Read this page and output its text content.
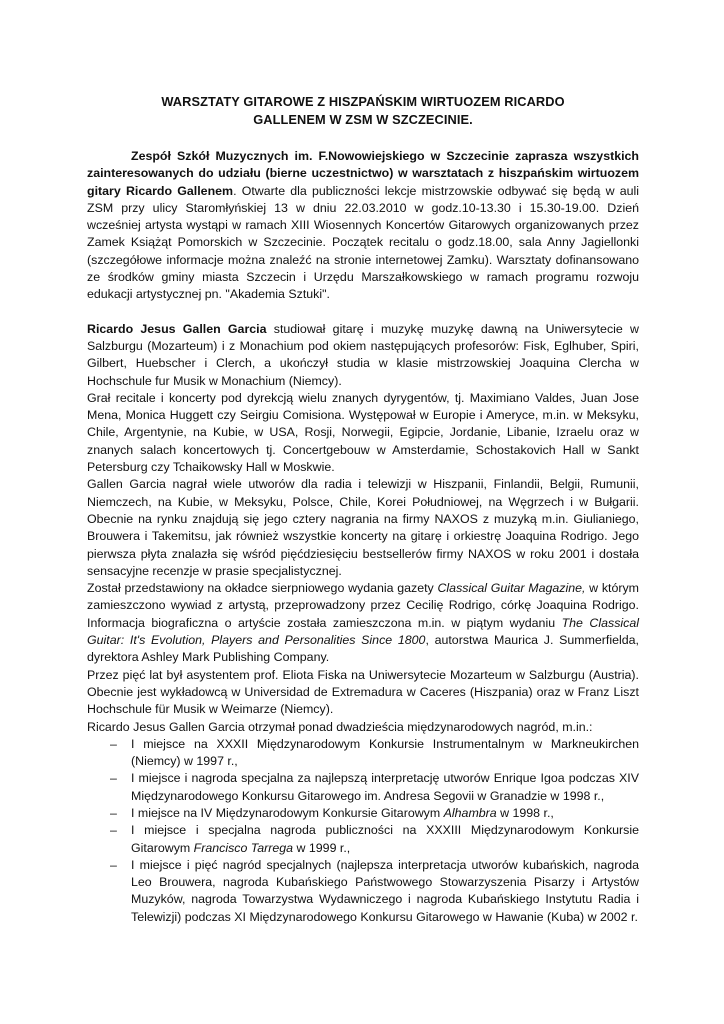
WARSZTATY GITAROWE Z HISZPAŃSKIM WIRTUOZEM RICARDO GALLENEM W ZSM W SZCZECINIE.

Zespół Szkół Muzycznych im. F.Nowowiejskiego w Szczecinie zaprasza wszystkich zainteresowanych do udziału (bierne uczestnictwo) w warsztatach z hiszpańskim wirtuozem gitary Ricardo Gallenem. Otwarte dla publiczności lekcje mistrzowskie odbywać się będą w auli ZSM przy ulicy Staromłyńskiej 13 w dniu 22.03.2010 w godz.10-13.30 i 15.30-19.00. Dzień wcześniej artysta wystąpi w ramach XIII Wiosennych Koncertów Gitarowych organizowanych przez Zamek Książąt Pomorskich w Szczecinie. Początek recitalu o godz.18.00, sala Anny Jagiellonki (szczegółowe informacje można znaleźć na stronie internetowej Zamku). Warsztaty dofinansowano ze środków gminy miasta Szczecin i Urzędu Marszałkowskiego w ramach programu rozwoju edukacji artystycznej pn. "Akademia Sztuki".

Ricardo Jesus Gallen Garcia studiował gitarę i muzykę muzykę dawną na Uniwersytecie w Salzburgu (Mozarteum) i z Monachium pod okiem następujących profesorów: Fisk, Eglhuber, Spiri, Gilbert, Huebscher i Clerch, a ukończył studia w klasie mistrzowskiej Joaquina Clercha w Hochschule fur Musik w Monachium (Niemcy).

Grał recitale i koncerty pod dyrekcją wielu znanych dyrygentów, tj. Maximiano Valdes, Juan Jose Mena, Monica Huggett czy Seirgiu Comisiona. Występował w Europie i Ameryce, m.in. w Meksyku, Chile, Argentynie, na Kubie, w USA, Rosji, Norwegii, Egipcie, Jordanie, Libanie, Izraelu oraz w znanych salach koncertowych tj. Concertgebouw w Amsterdamie, Schostakovich Hall w Sankt Petersburg czy Tchaikowsky Hall w Moskwie.

Gallen Garcia nagrał wiele utworów dla radia i telewizji w Hiszpanii, Finlandii, Belgii, Rumunii, Niemczech, na Kubie, w Meksyku, Polsce, Chile, Korei Południowej, na Węgrzech i w Bułgarii. Obecnie na rynku znajdują się jego cztery nagrania na firmy NAXOS z muzyką m.in. Giulianiego, Brouwera i Takemitsu, jak również wszystkie koncerty na gitarę i orkiestrę Joaquina Rodrigo. Jego pierwsza płyta znalazła się wśród pięćdziesięciu bestsellerów firmy NAXOS w roku 2001 i dostała sensacyjne recenzje w prasie specjalistycznej.

Został przedstawiony na okładce sierpniowego wydania gazety Classical Guitar Magazine, w którym zamieszczono wywiad z artystą, przeprowadzony przez Cecilię Rodrigo, córkę Joaquina Rodrigo. Informacja biograficzna o artyście została zamieszczona m.in. w piątym wydaniu The Classical Guitar: It's Evolution, Players and Personalities Since 1800, autorstwa Maurica J. Summerfielda, dyrektora Ashley Mark Publishing Company.

Przez pięć lat był asystentem prof. Eliota Fiska na Uniwersytecie Mozarteum w Salzburgu (Austria). Obecnie jest wykładowcą w Universidad de Extremadura w Caceres (Hiszpania) oraz w Franz Liszt Hochschule für Musik w Weimarze (Niemcy).

Ricardo Jesus Gallen Garcia otrzymał ponad dwadzieścia międzynarodowych nagród, m.in.:

– I miejsce na XXXII Międzynarodowym Konkursie Instrumentalnym w Markneukirchen (Niemcy) w 1997 r.,
– I miejsce i nagroda specjalna za najlepszą interpretację utworów Enrique Igoa podczas XIV Międzynarodowego Konkursu Gitarowego im. Andresa Segovii w Granadzie w 1998 r.,
– I miejsce na IV Międzynarodowym Konkursie Gitarowym Alhambra w 1998 r.,
– I miejsce i specjalna nagroda publiczności na XXXIII Międzynarodowym Konkursie Gitarowym Francisco Tarrega w 1999 r.,
– I miejsce i pięć nagród specjalnych (najlepsza interpretacja utworów kubańskich, nagroda Leo Brouwera, nagroda Kubańskiego Państwowego Stowarzyszenia Pisarzy i Artystów Muzyków, nagroda Towarzystwa Wydawniczego i nagroda Kubańskiego Instytutu Radia i Telewizji) podczas XI Międzynarodowego Konkursu Gitarowego w Hawanie (Kuba) w 2002 r.
